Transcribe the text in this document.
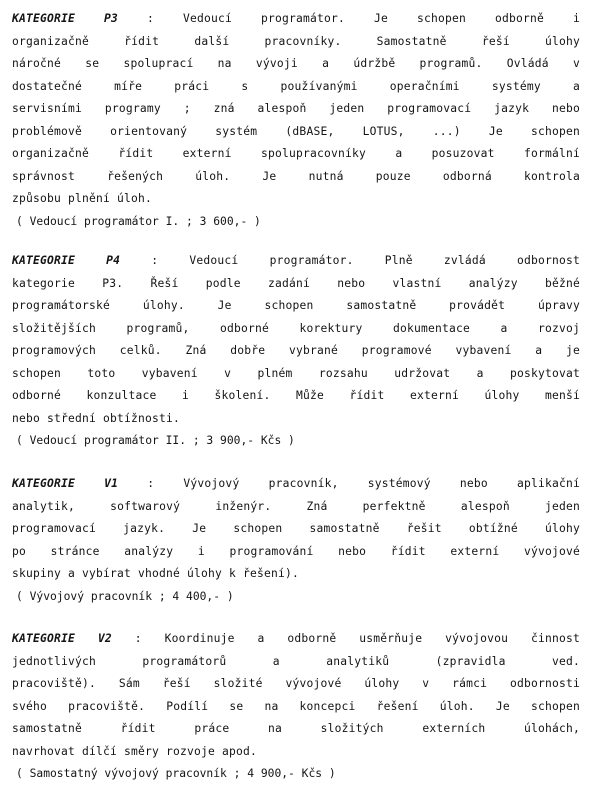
KATEGORIE P3	: Vedoucí programátor. Je schopen odborně i
organizačně řídit další pracovníky. Samostatně řeší úlohy
náročné se spoluprací na vývoji a údržbě programů. Ovládá v
dostatečné míře práci s používanými operačními systémy a
servisními programy ; zná alespoň jeden programovací jazyk nebo
problémově orientovaný systém (dBASE, LOTUS, ...) Je schopen
organizačně řídit externí spolupracovníky a posuzovat formální
správnost řešených úloh. Je nutná pouze odborná kontrola
způsobu plnění úloh.
( Vedoucí programátor I. ; 3 600,- )
KATEGORIE P4	: Vedoucí programátor. Plně zvládá odbornost
kategorie P3. Řeší podle zadání nebo vlastní analýzy běžné
programátorské úlohy. Je schopen samostatně provádět úpravy
složitějších programů, odborné korektury dokumentace a rozvoj
programových celků. Zná dobře vybrané programové vybavení a je
schopen toto vybavení v plném rozsahu udržovat a poskytovat
odborné konzultace i školení. Může řídit externí úlohy menší
nebo střední obtížnosti.
( Vedoucí programátor II. ; 3 900,- Kčs )
KATEGORIE V1	: Vývojový pracovník, systémový nebo aplikační
analytik, softwarový inženýr. Zná perfektně alespoň jeden
programovací jazyk. Je schopen samostatně řešit obtížné úlohy
po stránce analýzy i programování nebo řídit externí vývojové
skupiny a vybírat vhodné úlohy k řešení).
( Vývojový pracovník ; 4 400,- )
KATEGORIE V2 : Koordinuje a odborně usměrňuje vývojovou činnost
jednotlivých programátorů a analytiků (zpravidla ved.
pracoviště). Sám řeší složité vývojové úlohy v rámci odbornosti
svého pracoviště. Podílí se na koncepci řešení úloh. Je schopen
samostatně řídit práce na složitých externích úlohách,
navrhovat dílčí směry rozvoje apod.
( Samostatný vývojový pracovník ; 4 900,- Kčs )
